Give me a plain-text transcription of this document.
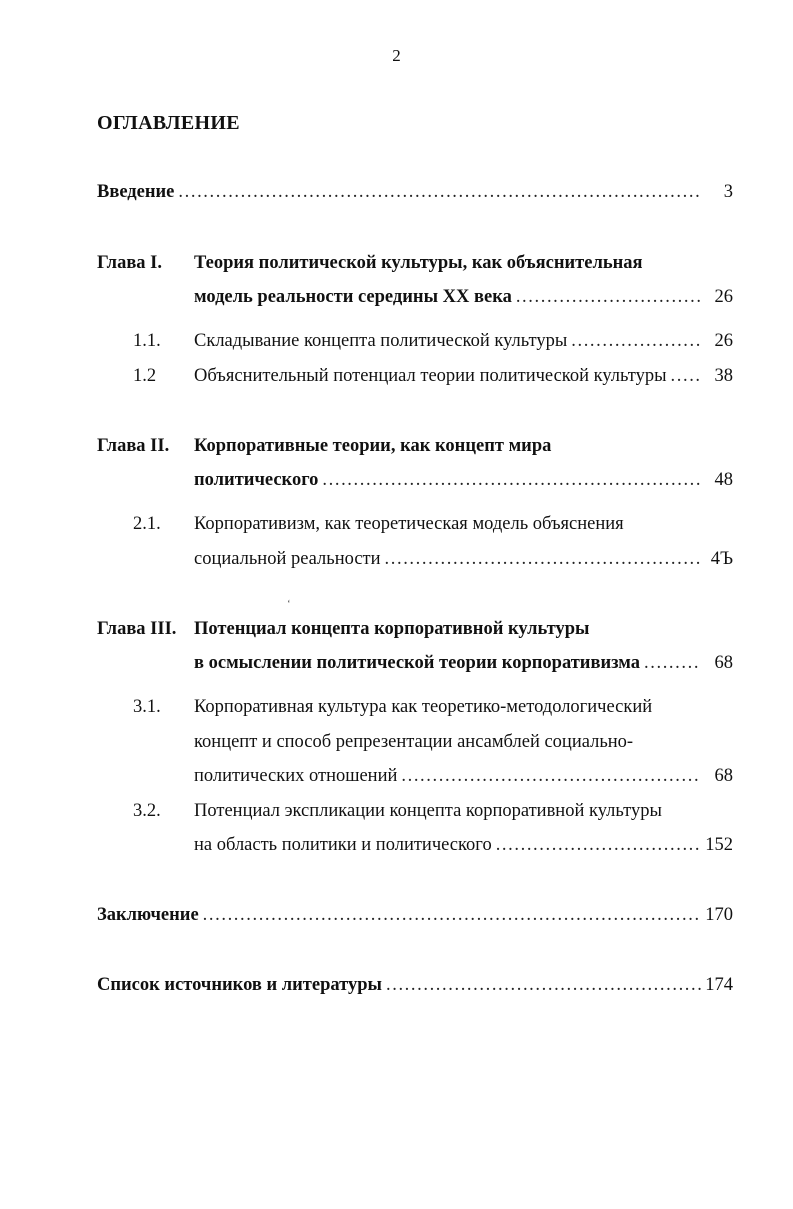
2
ОГЛАВЛЕНИЕ
Введение .....	3
Глава I. Теория политической культуры, как объяснительная
модель реальности середины XX века .....	26
1.1. Складывание концепта политической культуры .....	26
1.2 Объяснительный потенциал теории политической культуры .....	38
Глава II. Корпоративные теории, как концепт мира
политического .....	48
2.1. Корпоративизм, как теоретическая модель объяснения
социальной реальности .....	4Ъ
‘
Глава III. Потенциал концепта корпоративной культуры
в осмыслении политической теории корпоративизма .....	68
3.1. Корпоративная культура как теоретико-методологический
концепт и способ репрезентации ансамблей социально-
политических отношений .....	68
3.2. Потенциал экспликации концепта корпоративной культуры
на область политики и политического .....	152
Заключение .....	170
Список источников и литературы .....	174
